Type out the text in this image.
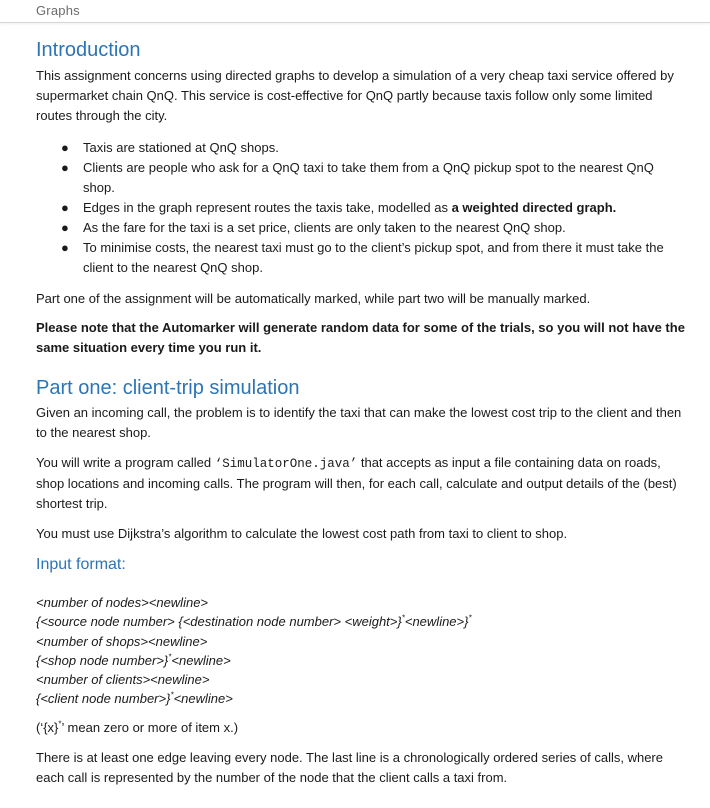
Graphs
Introduction

This assignment concerns using directed graphs to develop a simulation of a very cheap taxi service offered by supermarket chain QnQ. This service is cost-effective for QnQ partly because taxis follow only some limited routes through the city.

● Taxis are stationed at QnQ shops.
● Clients are people who ask for a QnQ taxi to take them from a QnQ pickup spot to the nearest QnQ shop.
● Edges in the graph represent routes the taxis take, modelled as a weighted directed graph.
● As the fare for the taxi is a set price, clients are only taken to the nearest QnQ shop.
● To minimise costs, the nearest taxi must go to the client’s pickup spot, and from there it must take the client to the nearest QnQ shop.

Part one of the assignment will be automatically marked, while part two will be manually marked.

Please note that the Automarker will generate random data for some of the trials, so you will not have the same situation every time you run it.

Part one: client-trip simulation

Given an incoming call, the problem is to identify the taxi that can make the lowest cost trip to the client and then to the nearest shop.

You will write a program called ‘SimulatorOne.java’ that accepts as input a file containing data on roads, shop locations and incoming calls. The program will then, for each call, calculate and output details of the (best) shortest trip.

You must use Dijkstra’s algorithm to calculate the lowest cost path from taxi to client to shop.

Input format:

<number of nodes><newline>

{<source node number> {<destination node number> <weight>}*<newline>}*

<number of shops><newline>

{<shop node number>}*<newline>

<number of clients><newline>

{<client node number>}*<newline>

(‘{x}*’ mean zero or more of item x.)

There is at least one edge leaving every node. The last line is a chronologically ordered series of calls, where each call is represented by the number of the node that the client calls a taxi from.
